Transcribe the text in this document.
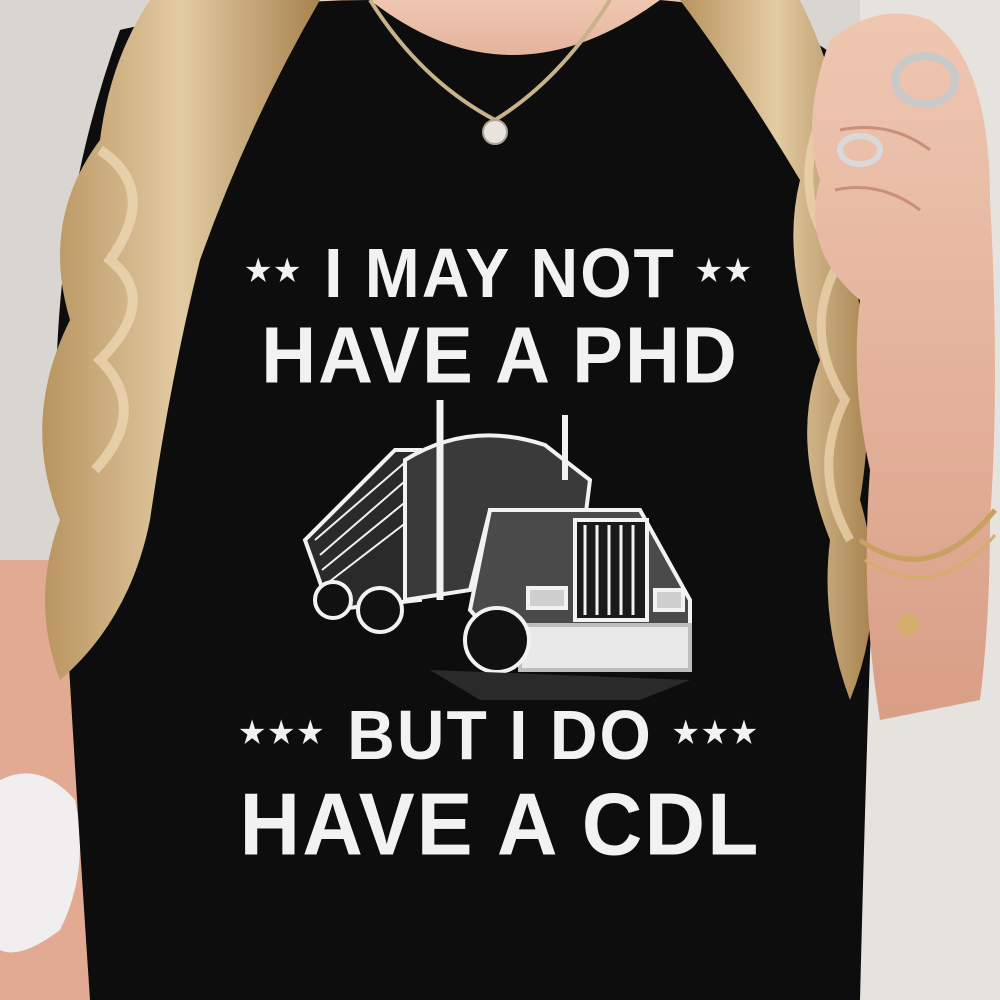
★★ I MAY NOT ★★
HAVE A PHD
★★★ BUT I DO ★★★
HAVE A CDL
